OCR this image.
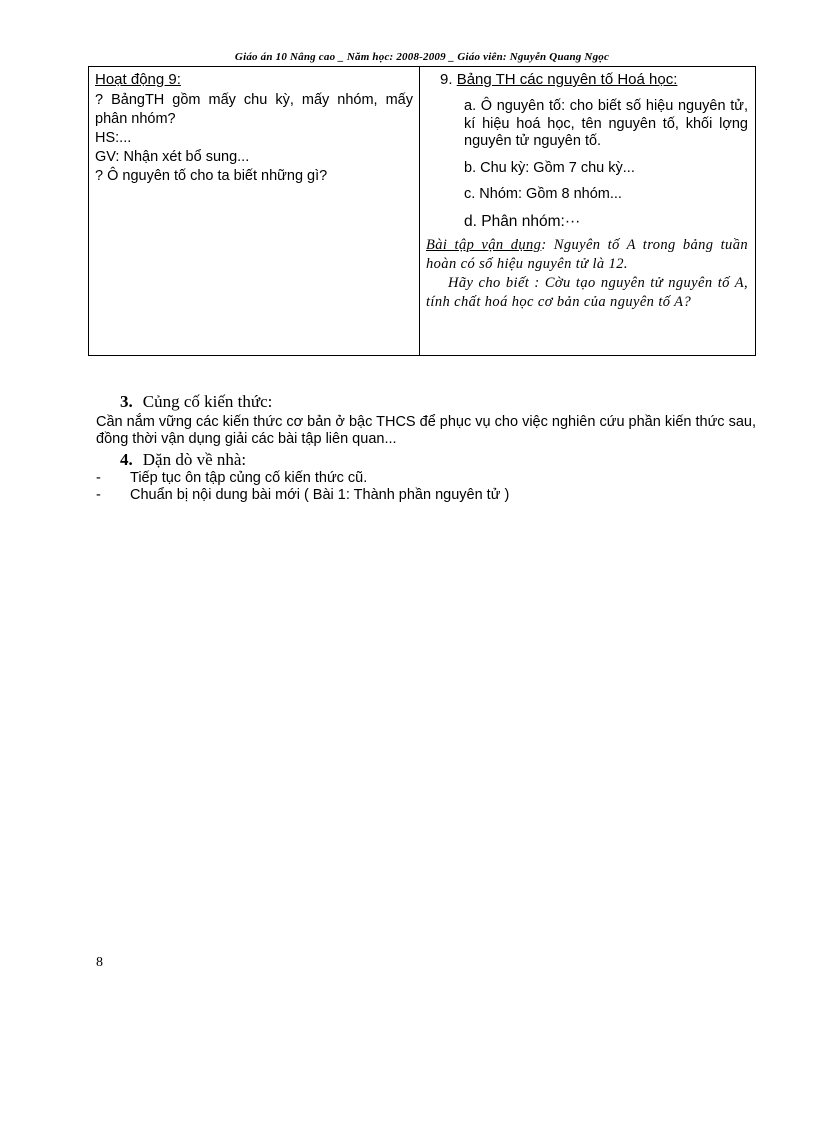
Giáo án 10 Nâng cao _ Năm học: 2008-2009 _ Giáo viên: Nguyễn Quang Ngọc
Hoạt động 9:
? BảngTH gồm mấy chu kỳ, mấy nhóm, mấy phân nhóm?
HS:...
GV: Nhận xét bổ sung...
? Ô nguyên tố cho ta biết những gì?
9. Bảng TH các nguyên tố Hoá học:
a. Ô nguyên tố: cho biết số hiệu nguyên tử, kí hiệu hoá học, tên nguyên tố, khối lợng nguyên tử nguyên tố.
b. Chu kỳ: Gồm 7 chu kỳ...
c. Nhóm: Gồm 8 nhóm...
d. Phân nhóm:···
Bài tập vận dụng: Nguyên tố A trong bảng tuần hoàn có số hiệu nguyên tử là 12.
Hãy cho biết : Cờu tạo nguyên tử nguyên tố A, tính chất hoá học cơ bản của nguyên tố A?
3. Củng cố kiến thức:
Cần nắm vững các kiến thức cơ bản ở bậc THCS để phục vụ cho việc nghiên cứu phần kiến thức sau, đồng thời vận dụng giải các bài tập liên quan...
4. Dặn dò về nhà:
-	Tiếp tục ôn tập củng cố kiến thức cũ.
-	Chuẩn bị nội dung bài mới ( Bài 1: Thành phần nguyên tử )
8
